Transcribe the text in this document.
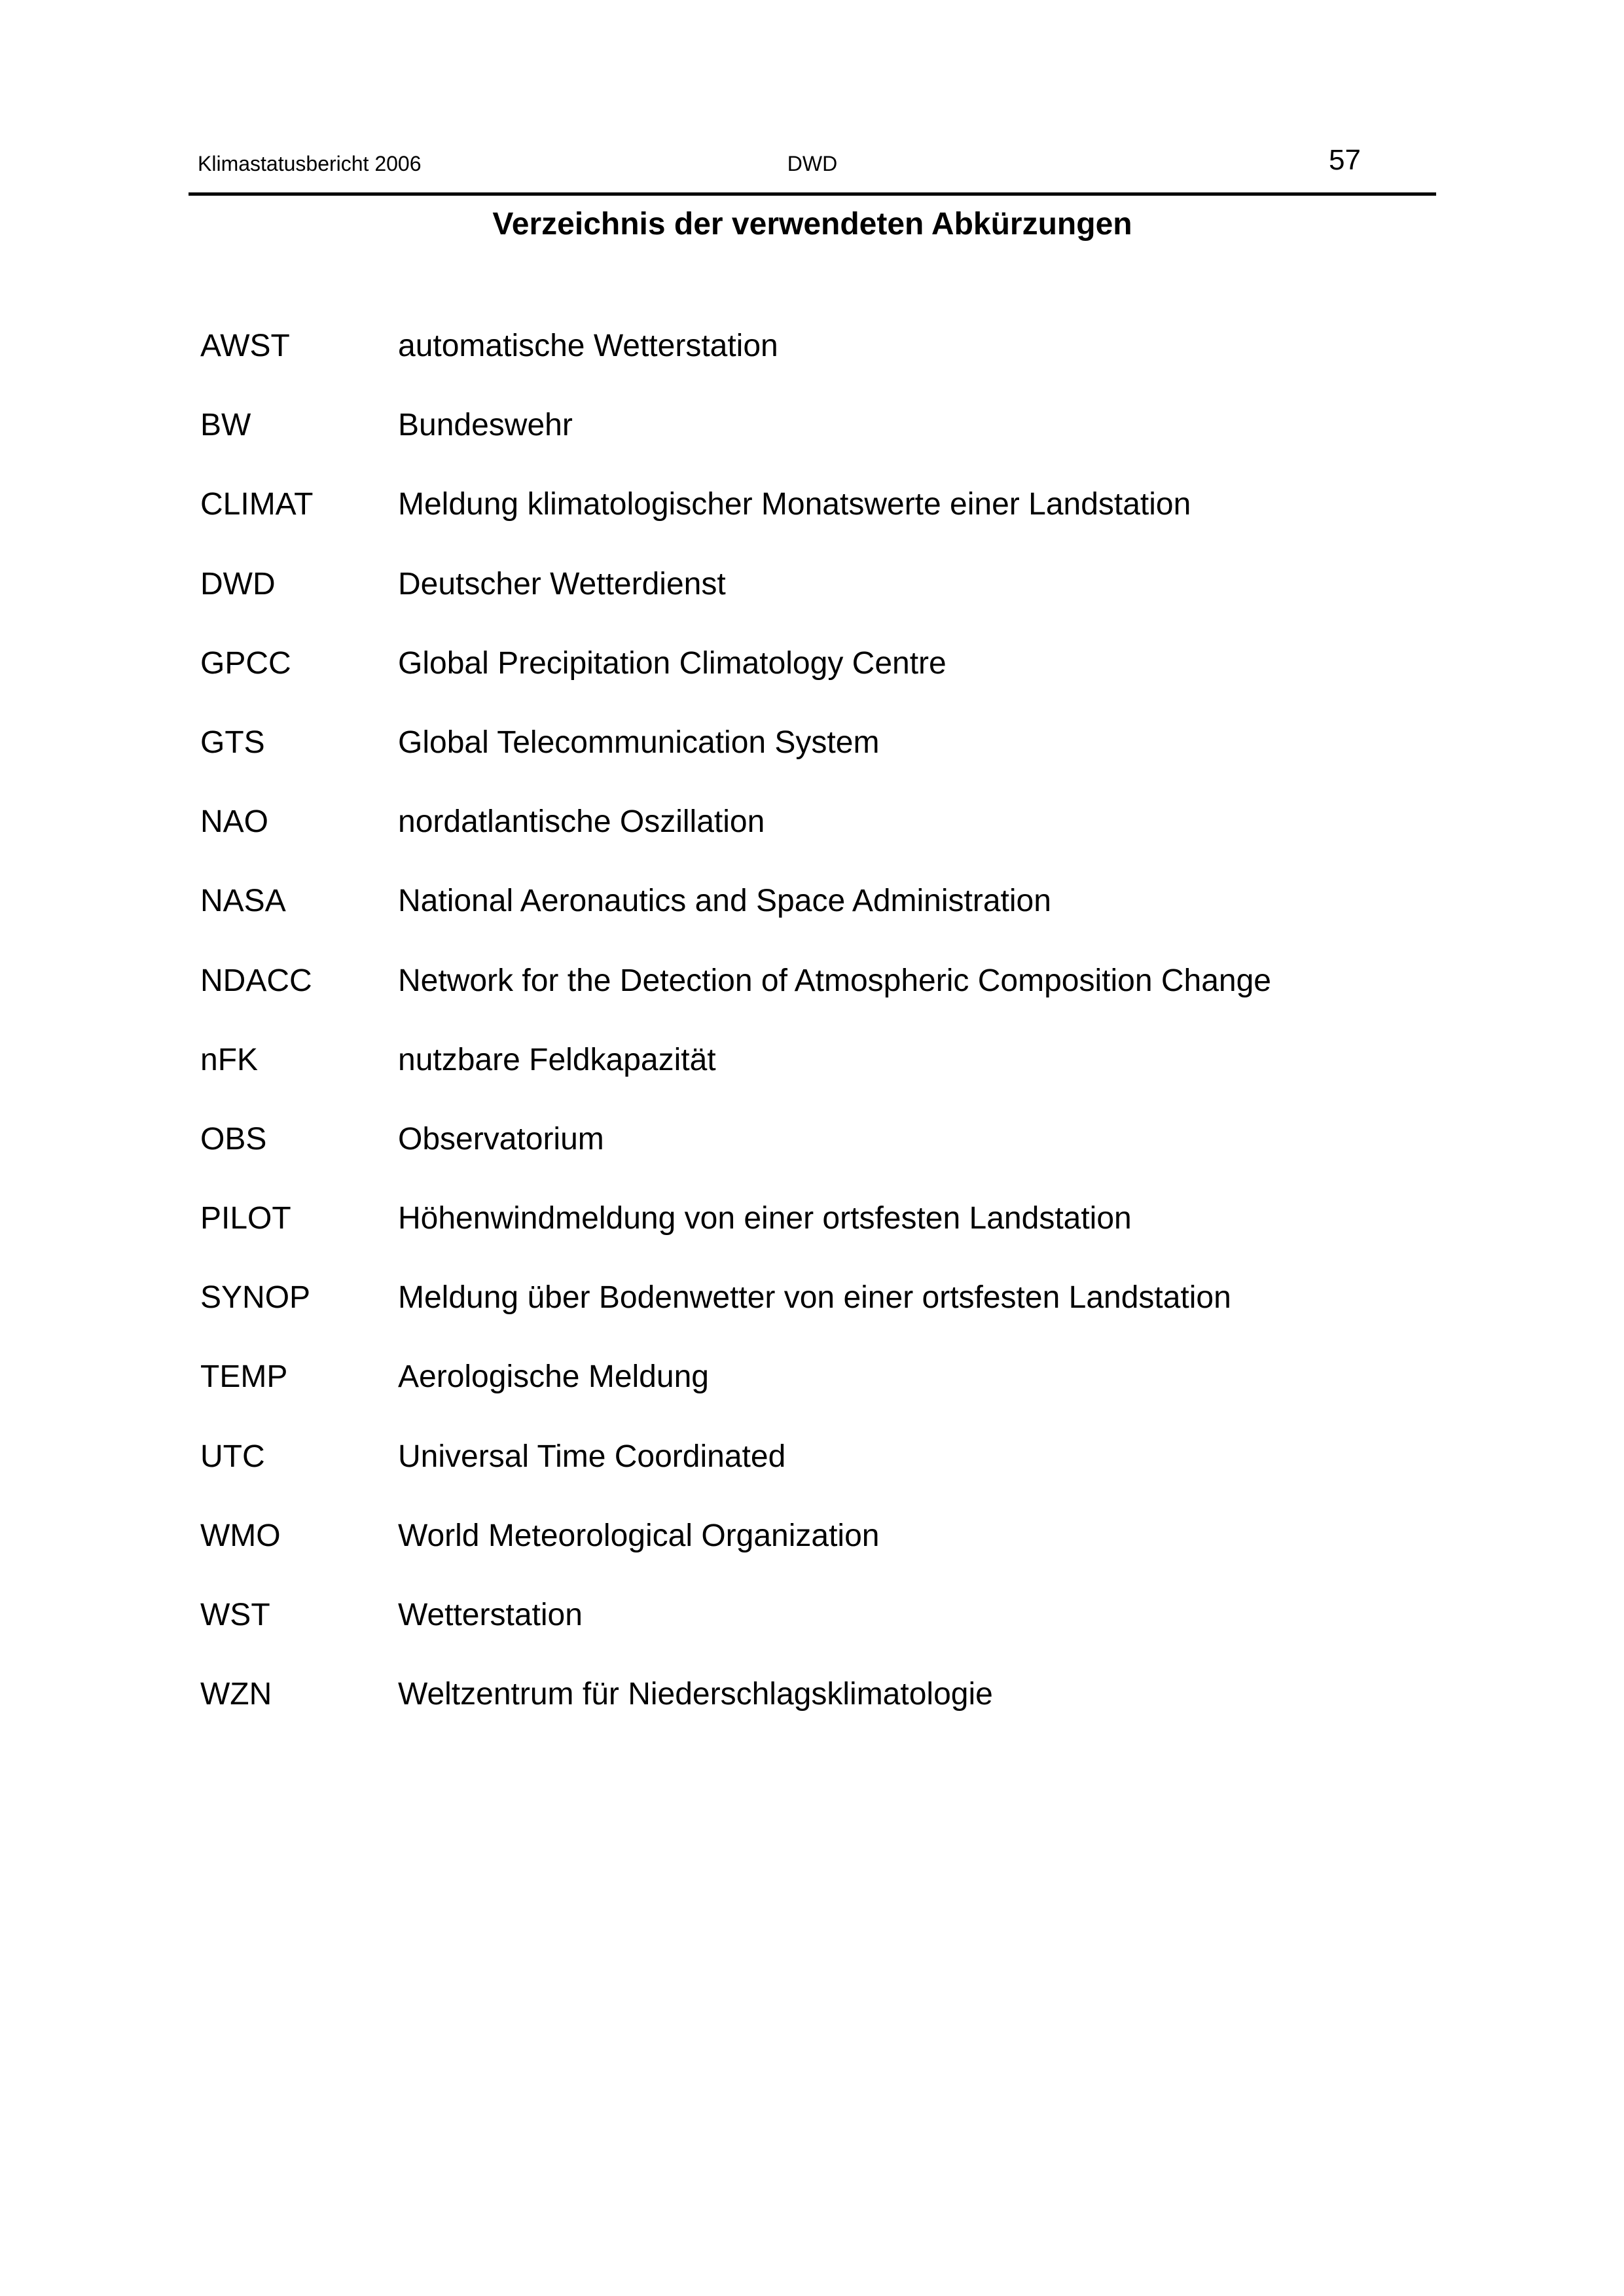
Klimastatusbericht 2006	DWD	57
Verzeichnis der verwendeten Abkürzungen
AWST	automatische Wetterstation
BW	Bundeswehr
CLIMAT	Meldung klimatologischer Monatswerte einer Landstation
DWD	Deutscher Wetterdienst
GPCC	Global Precipitation Climatology Centre
GTS	Global Telecommunication System
NAO	nordatlantische Oszillation
NASA	National Aeronautics and Space Administration
NDACC	Network for the Detection of Atmospheric Composition Change
nFK	nutzbare Feldkapazität
OBS	Observatorium
PILOT	Höhenwindmeldung von einer ortsfesten Landstation
SYNOP	Meldung über Bodenwetter von einer ortsfesten Landstation
TEMP	Aerologische Meldung
UTC	Universal Time Coordinated
WMO	World Meteorological Organization
WST	Wetterstation
WZN	Weltzentrum für Niederschlagsklimatologie
